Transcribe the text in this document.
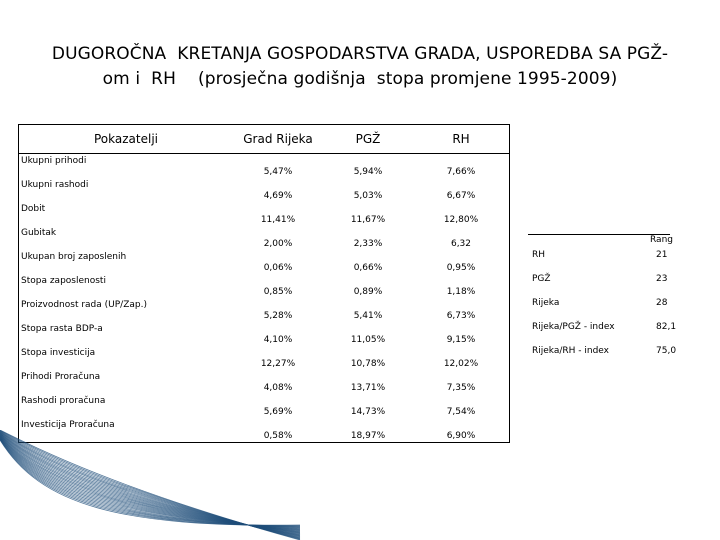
DUGOROČNA  KRETANJA GOSPODARSTVA GRADA, USPOREDBA SA PGŽ-
om i  RH    (prosječna godišnja  stopa promjene 1995-2009)
Pokazatelji	Grad Rijeka	PGŽ	RH
Ukupni prihodi	5,47%	5,94%	7,66%
Ukupni rashodi	4,69%	5,03%	6,67%
Dobit	11,41%	11,67%	12,80%
Gubitak	2,00%	2,33%	6,32
Ukupan broj zaposlenih	0,06%	0,66%	0,95%
Stopa zaposlenosti	0,85%	0,89%	1,18%
Proizvodnost rada (UP/Zap.)	5,28%	5,41%	6,73%
Stopa rasta BDP-a	4,10%	11,05%	9,15%
Stopa investicija	12,27%	10,78%	12,02%
Prihodi Proračuna	4,08%	13,71%	7,35%
Rashodi proračuna	5,69%	14,73%	7,54%
Investicija Proračuna	0,58%	18,97%	6,90%
Rang
RH	21
PGŽ	23
Rijeka	28
Rijeka/PGŽ - index	82,1
Rijeka/RH - index	75,0
